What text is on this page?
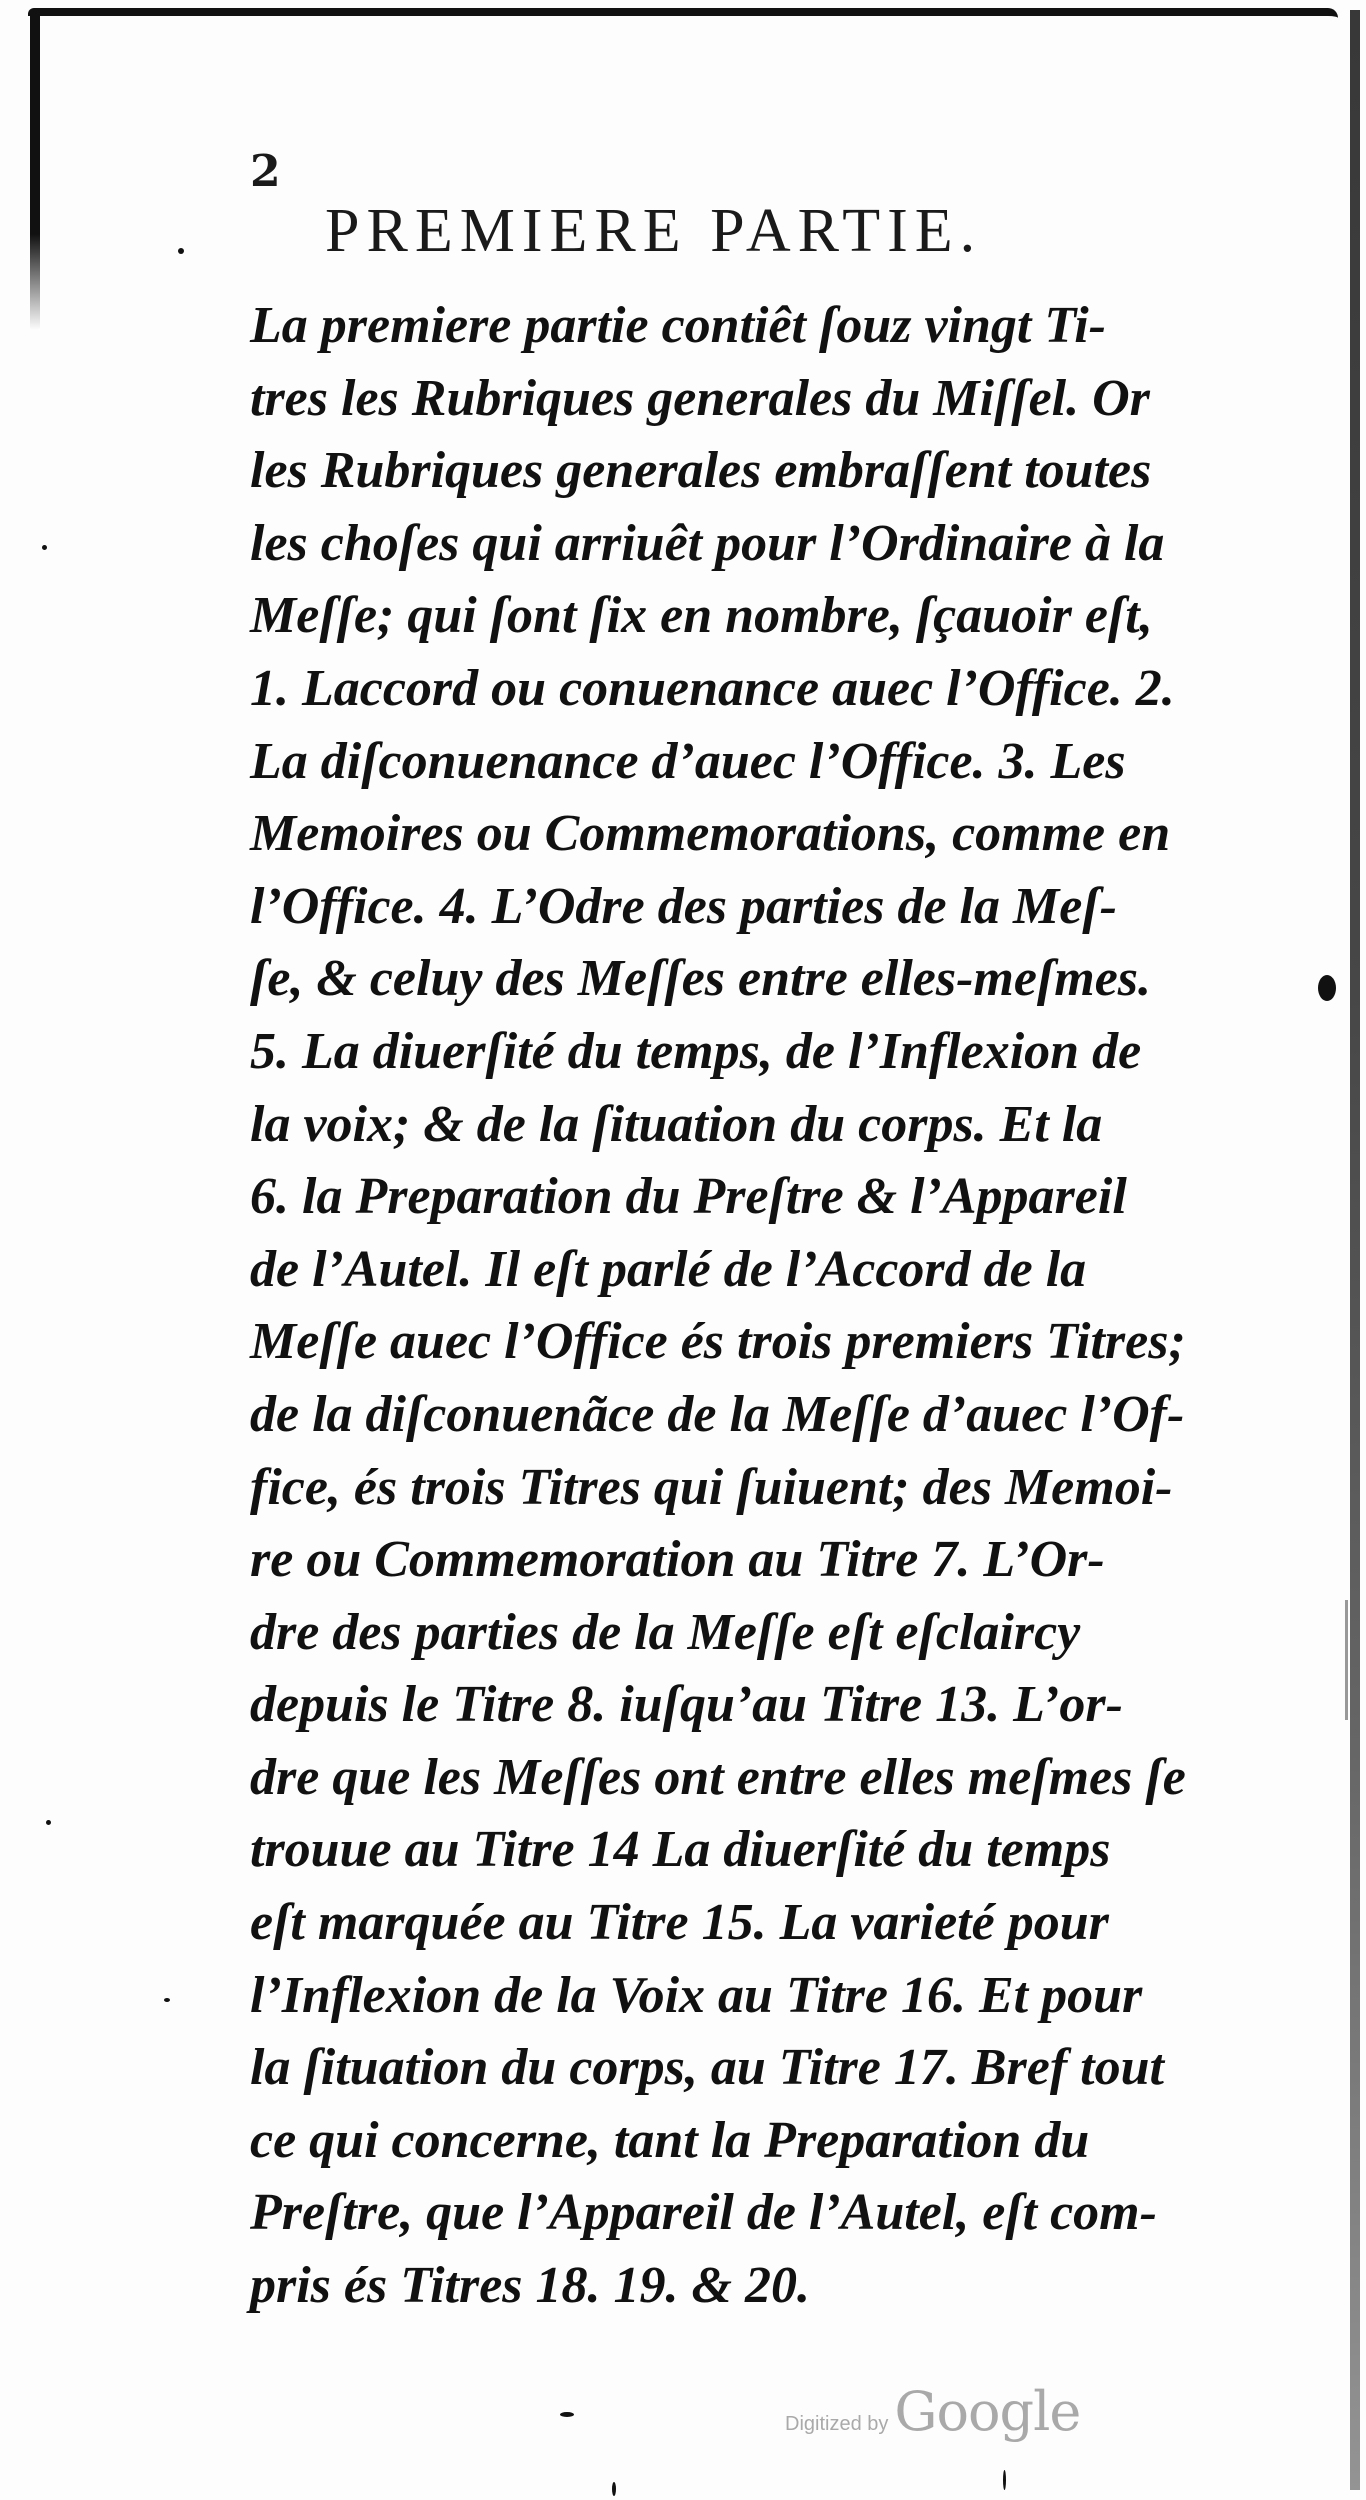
2
PREMIERE PARTIE.
La premiere partie contiêt ſouz vingt Ti-
tres les Rubriques generales du Miſſel. Or
les Rubriques generales embraſſent toutes
les choſes qui arriuêt pour l’Ordinaire à la
Meſſe; qui ſont ſix en nombre, ſçauoir eſt,
1. Laccord ou conuenance auec l’Office. 2.
La diſconuenance d’auec l’Office. 3. Les
Memoires ou Commemorations, comme en
l’Office. 4. L’Odre des parties de la Meſ-
ſe, & celuy des Meſſes entre elles-meſmes.
5. La diuerſité du temps, de l’Inflexion de
la voix; & de la ſituation du corps. Et la
6. la Preparation du Preſtre & l’Appareil
de l’Autel. Il eſt parlé de l’Accord de la
Meſſe auec l’Office és trois premiers Titres;
de la diſconuenãce de la Meſſe d’auec l’Of-
fice, és trois Titres qui ſuiuent; des Memoi-
re ou Commemoration au Titre 7. L’Or-
dre des parties de la Meſſe eſt eſclaircy
depuis le Titre 8. iuſqu’au Titre 13. L’or-
dre que les Meſſes ont entre elles meſmes ſe
trouue au Titre 14 La diuerſité du temps
eſt marquée au Titre 15. La varieté pour
l’Inflexion de la Voix au Titre 16. Et pour
la ſituation du corps, au Titre 17. Bref tout
ce qui concerne, tant la Preparation du
Preſtre, que l’Appareil de l’Autel, eſt com-
pris és Titres 18. 19. & 20.
Digitized by Google
